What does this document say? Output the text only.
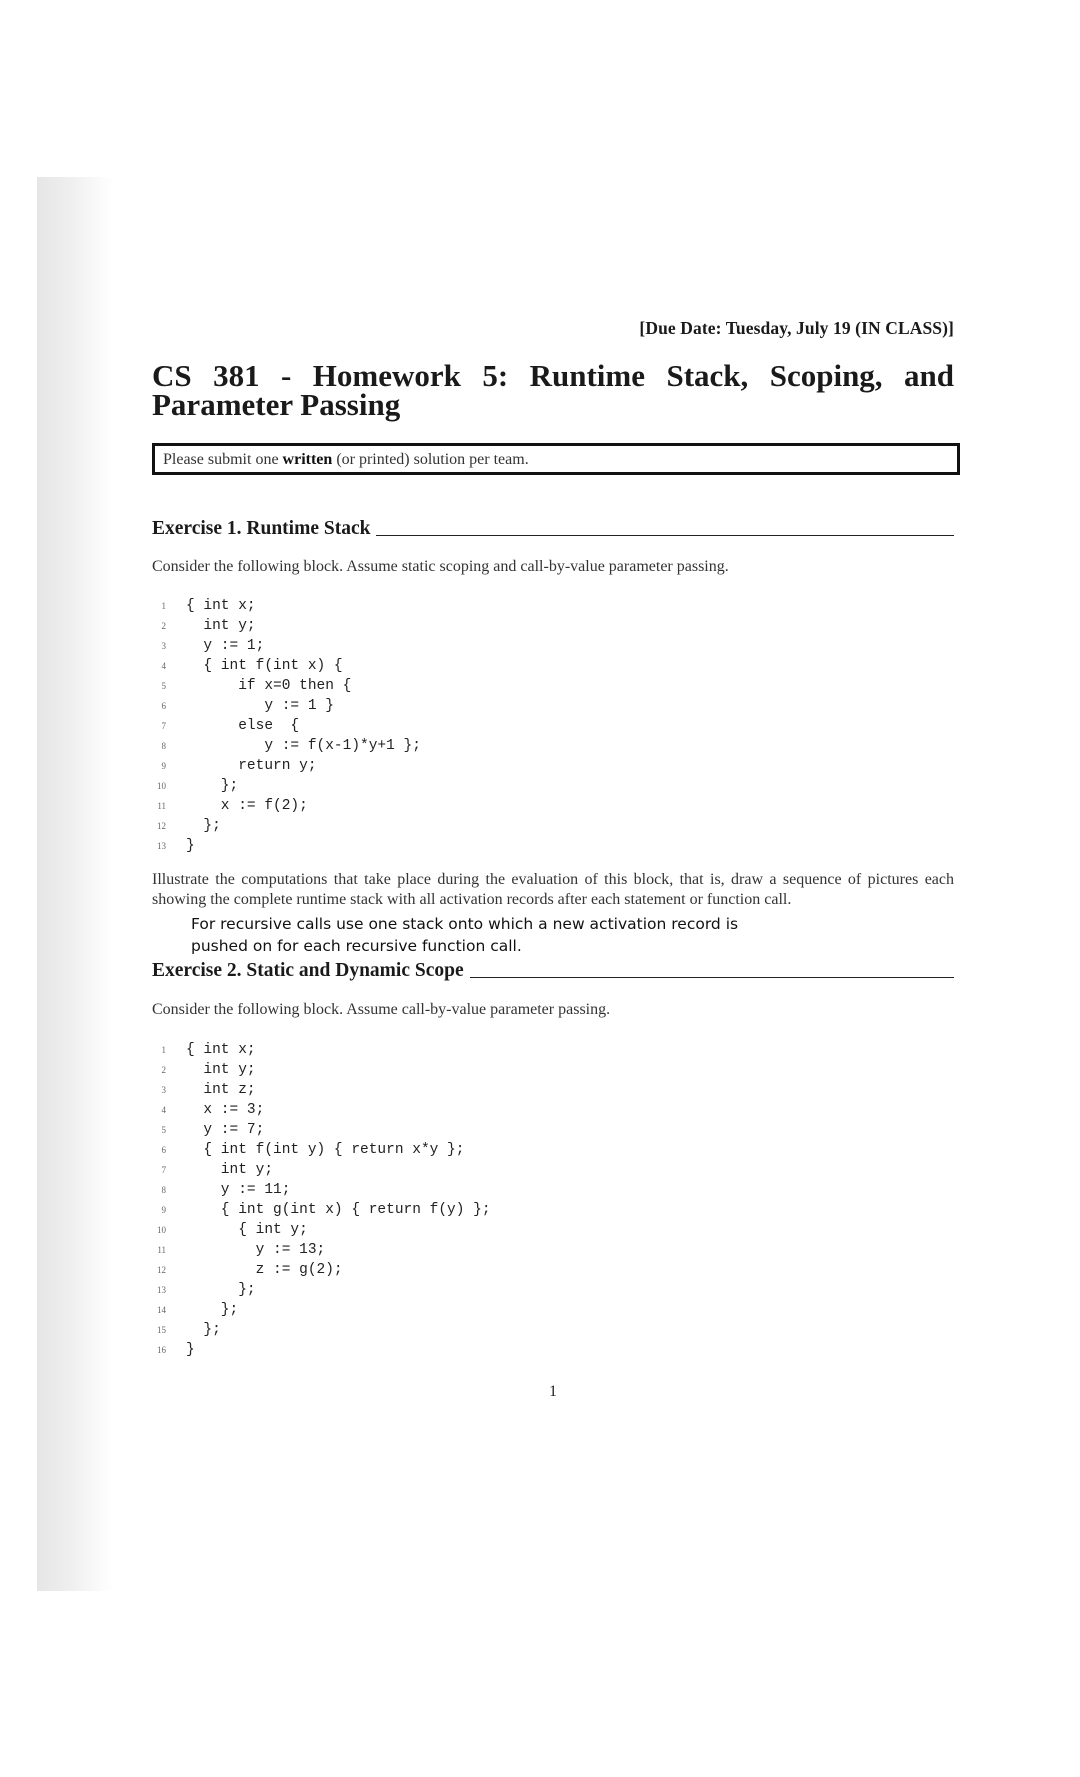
[Due Date: Tuesday, July 19 (IN CLASS)]
CS 381 - Homework 5: Runtime Stack, Scoping, and Parameter Passing
Please submit one written (or printed) solution per team.
Exercise 1. Runtime Stack

Consider the following block. Assume static scoping and call-by-value parameter passing.

1 { int x;
2 int y;
3 y := 1;
4 { int f(int x) {
5 if x=0 then {
6 y := 1 }
7 else  {
8 y := f(x-1)*y+1 };
9 return y;
10 };
11 x := f(2);
12 };
13 }

Illustrate the computations that take place during the evaluation of this block, that is, draw a sequence of pictures each showing the complete runtime stack with all activation records after each statement or function call.

For recursive calls use one stack onto which a new activation record is
pushed on for each recursive function call.
Exercise 2. Static and Dynamic Scope

Consider the following block. Assume call-by-value parameter passing.

1 { int x;
2 int y;
3 int z;
4 x := 3;
5 y := 7;
6 { int f(int y) { return x*y };
7 int y;
8 y := 11;
9 { int g(int x) { return f(y) };
10 { int y;
11 y := 13;
12 z := g(2);
13 };
14 };
15 };
16 }
1
